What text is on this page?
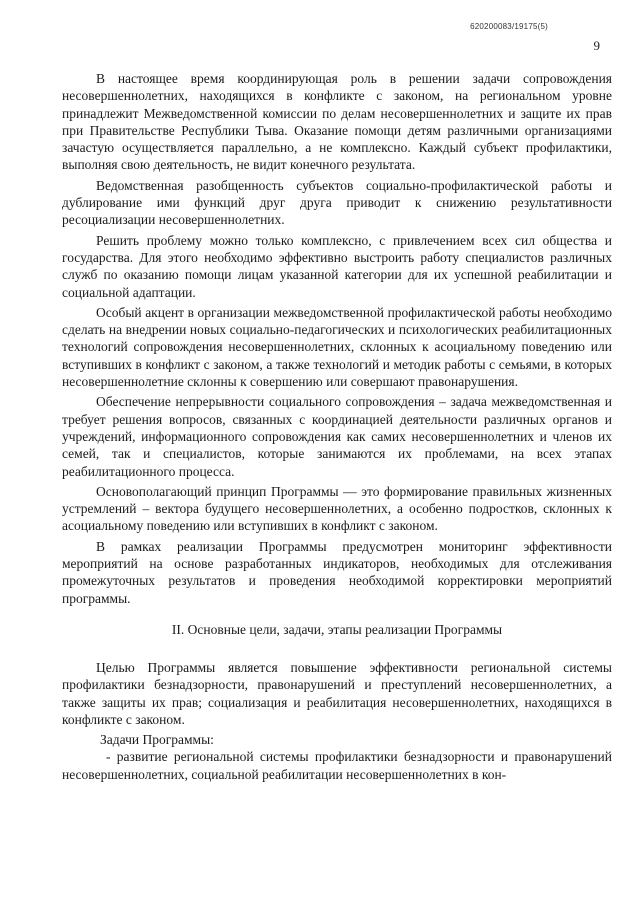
620200083/19175(5)
9

В настоящее время координирующая роль в решении задачи сопровождения несовершеннолетних, находящихся в конфликте с законом, на региональном уровне принадлежит Межведомственной комиссии по делам несовершеннолетних и защите их прав при Правительстве Республики Тыва. Оказание помощи детям различными организациями зачастую осуществляется параллельно, а не комплексно. Каждый субъект профилактики, выполняя свою деятельность, не видит конечного результата.

Ведомственная разобщенность субъектов социально-профилактической работы и дублирование ими функций друг друга приводит к снижению результативности ресоциализации несовершеннолетних.

Решить проблему можно только комплексно, с привлечением всех сил общества и государства. Для этого необходимо эффективно выстроить работу специалистов различных служб по оказанию помощи лицам указанной категории для их успешной реабилитации и социальной адаптации.

Особый акцент в организации межведомственной профилактической работы необходимо сделать на внедрении новых социально-педагогических и психологических реабилитационных технологий сопровождения несовершеннолетних, склонных к асоциальному поведению или вступивших в конфликт с законом, а также технологий и методик работы с семьями, в которых несовершеннолетние склонны к совершению или совершают правонарушения.

Обеспечение непрерывности социального сопровождения – задача межведомственная и требует решения вопросов, связанных с координацией деятельности различных органов и учреждений, информационного сопровождения как самих несовершеннолетних и членов их семей, так и специалистов, которые занимаются их проблемами, на всех этапах реабилитационного процесса.

Основополагающий принцип Программы — это формирование правильных жизненных устремлений – вектора будущего несовершеннолетних, а особенно подростков, склонных к асоциальному поведению или вступивших в конфликт с законом.

В рамках реализации Программы предусмотрен мониторинг эффективности мероприятий на основе разработанных индикаторов, необходимых для отслеживания промежуточных результатов и проведения необходимой корректировки мероприятий программы.

II. Основные цели, задачи, этапы реализации Программы

Целью Программы является повышение эффективности региональной системы профилактики безнадзорности, правонарушений и преступлений несовершеннолетних, а также защиты их прав; социализация и реабилитация несовершеннолетних, находящихся в конфликте с законом.

Задачи Программы:

- развитие региональной системы профилактики безнадзорности и правонарушений несовершеннолетних, социальной реабилитации несовершеннолетних в кон-
